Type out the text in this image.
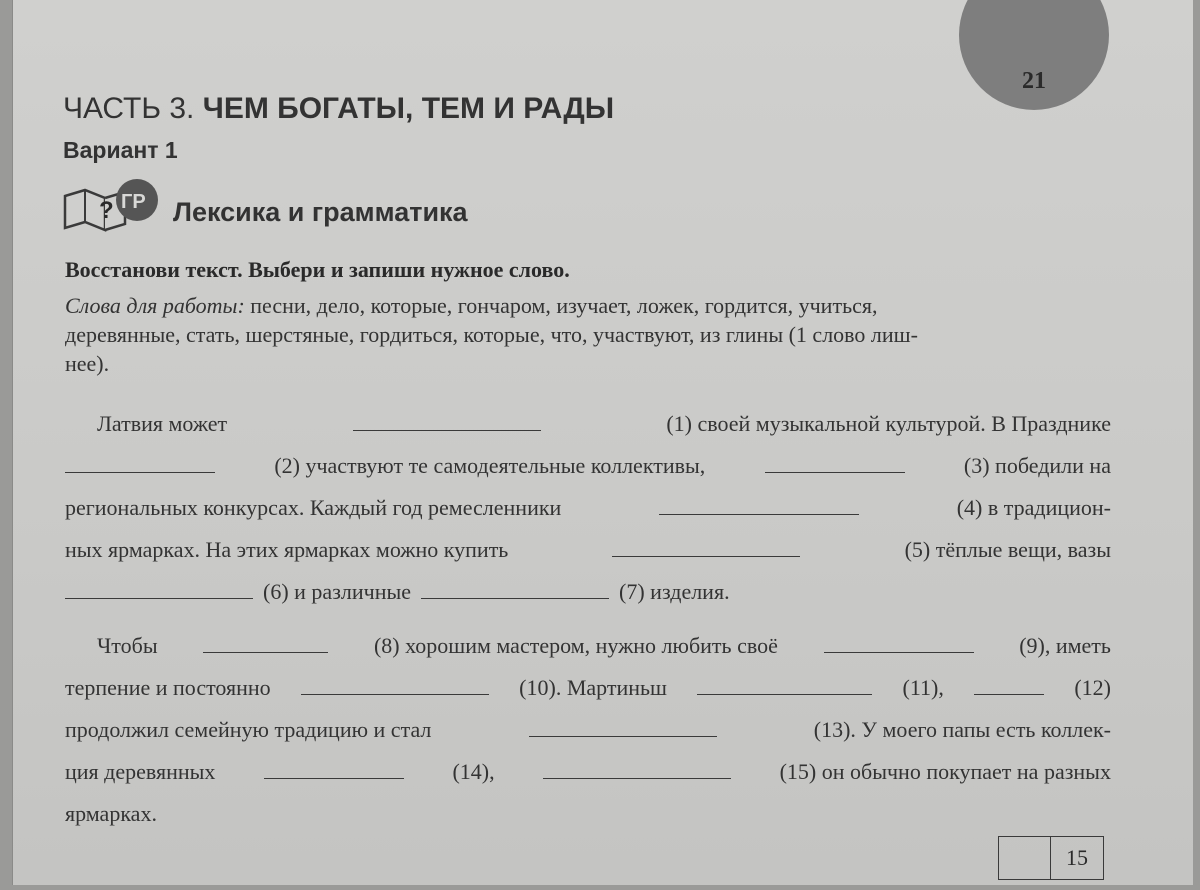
21
ЧАСТЬ 3. ЧЕМ БОГАТЫ, ТЕМ И РАДЫ
Вариант 1
? ГР Лексика и грамматика
Восстанови текст. Выбери и запиши нужное слово.
Слова для работы: песни, дело, которые, гончаром, изучает, ложек, гордится, учиться,
деревянные, стать, шерстяные, гордиться, которые, что, участвуют, из глины (1 слово лиш-
нее).
Латвия может	(1) своей музыкальной культурой. В Празднике
(2) участвуют те самодеятельные коллективы,	(3) победили на
региональных конкурсах. Каждый год ремесленники	(4) в традицион-
ных ярмарках. На этих ярмарках можно купить	(5) тёплые вещи, вазы
(6) и различные	(7) изделия.
Чтобы	(8) хорошим мастером, нужно любить своё	(9), иметь
терпение и постоянно	(10). Мартиньш	(11),	(12)
продолжил семейную традицию и стал	(13). У моего папы есть коллек-
ция деревянных	(14),	(15) он обычно покупает на разных
ярмарках.
15
